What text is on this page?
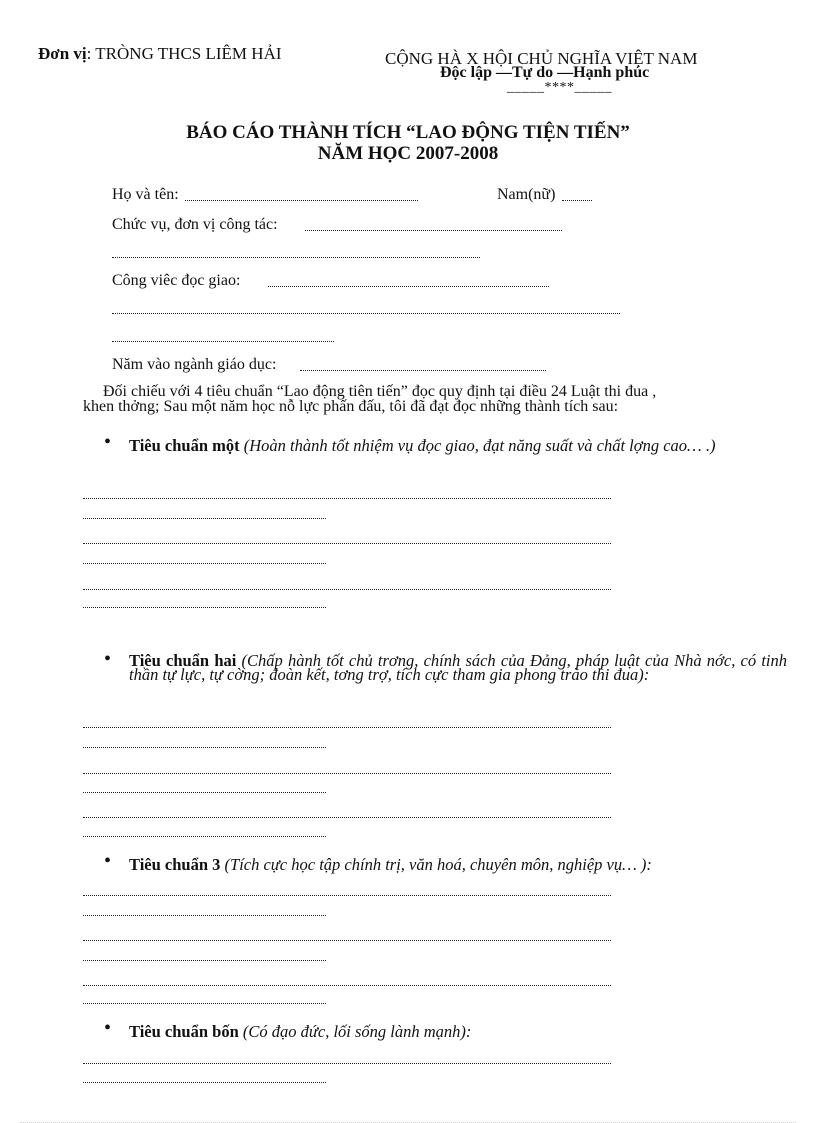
Đơn vị: TRÒNG THCS LIÊM HẢI	CỘNG HÀ X HỘI CHỦ NGHĨA VIỆT NAM
Độc lập —Tự do —Hạnh phúc
_____****_____
BÁO CÁO THÀNH TÍCH “LAO ĐỘNG TIỆN TIẾN”
NĂM HỌC 2007-2008
Họ và tên:	Nam(nữ)
Chức vụ, đơn vị công tác:
Công viêc đọc giao:
Năm vào ngành giáo dục:

Đối chiếu với 4 tiêu chuẩn “Lao động tiên tiến” đọc quy định tại điều 24 Luật thi đua ,

khen thởng; Sau một năm học nỗ lực phấn đấu, tôi đã đạt đọc những thành tích sau:

• Tiêu chuẩn một (Hoàn thành tốt nhiệm vụ đọc giao, đạt năng suất và chất lợng cao… .)
• Tiêu chuẩn hai (Chấp hành tốt chủ trơng, chính sách của Đảng, pháp luật của Nhà nớc, có tinh thần tự lực, tự cờng; đoàn kết, tơng trợ, tích cực tham gia phong trào thi đua):
• Tiêu chuẩn 3 (Tích cực học tập chính trị, văn hoá, chuyên môn, nghiệp vụ… ):
• Tiêu chuẩn bốn (Có đạo đức, lối sống lành mạnh):
